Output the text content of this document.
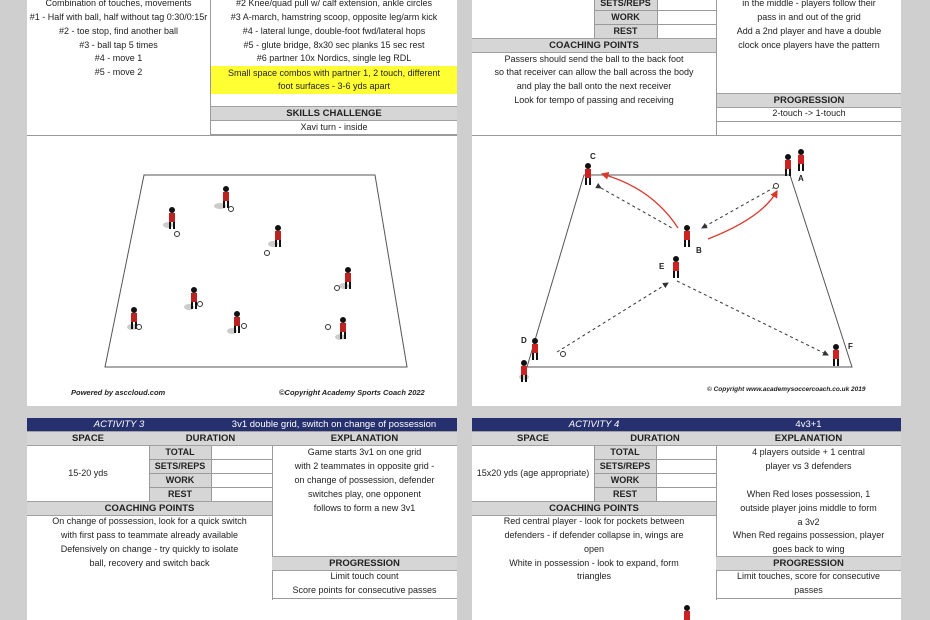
Combination of touches, movements
#1 - Half with ball, half without tag 0:30/0:15r
#2 - toe stop, find another ball
#3 - ball tap 5 times
#4 - move 1
#5 - move 2
#2 Knee/quad pull w/ calf extension, ankle circles
#3 A-march, hamstring scoop, opposite leg/arm kick
#4 - lateral lunge, double-foot fwd/lateral hops
#5 - glute bridge, 8x30 sec planks 15 sec rest
#6 partner 10x Nordics, single leg RDL
Small space combos with partner 1, 2 touch, different
foot surfaces - 3-6 yds apart
SKILLS CHALLENGE
Xavi turn - inside
SETS/REPS
WORK
REST
in the middle - players follow their
pass in and out of the grid
Add a 2nd player and have a double
clock once players have the pattern
COACHING POINTS
Passers should send the ball to the back foot
so that receiver can allow the ball across the body
and play the ball onto the next receiver
Look for tempo of passing and receiving	PROGRESSION
2-touch -> 1-touch
Powered by asccloud.com	©Copyright Academy Sports Coach 2022
C
A
B
E
D
F
© Copyright www.academysoccercoach.co.uk 2019
ACTIVITY 3	3v1 double grid, switch on change of possession
SPACE	DURATION	EXPLANATION
15-20 yds
TOTAL
SETS/REPS
WORK
REST
Game starts 3v1 on one grid
with 2 teammates in opposite grid -
on change of possession, defender
switches play, one opponent
follows to form a new 3v1
COACHING POINTS
On change of possession, look for a quick switch
with first pass to teammate already available
Defensively on change - try quickly to isolate
ball, recovery and switch back	PROGRESSION
Limit touch count
Score points for consecutive passes
ACTIVITY 4	4v3+1
SPACE	DURATION	EXPLANATION
15x20 yds (age appropriate)
TOTAL
SETS/REPS
WORK
REST
4 players outside + 1 central
player vs 3 defenders
When Red loses possession, 1
outside player joins middle to form
a 3v2
When Red regains possession, player
goes back to wing
COACHING POINTS
Red central player - look for pockets between
defenders - if defender collapse in, wings are
open
White in possession - look to expand, form
triangles
PROGRESSION
Limit touches, score for consecutive
passes
